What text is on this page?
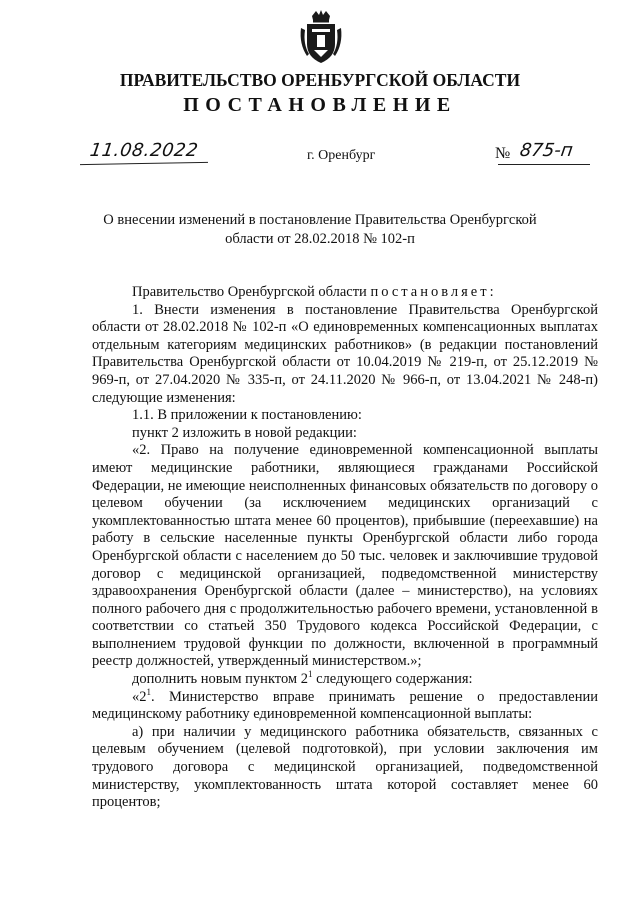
ПРАВИТЕЛЬСТВО ОРЕНБУРГСКОЙ ОБЛАСТИ
ПОСТАНОВЛЕНИЕ
11.08.2022	г. Оренбург	№ 875-п
О внесении изменений в постановление Правительства Оренбургской
области от 28.02.2018 № 102-п

Правительство Оренбургской области постановляет:

1. Внести изменения в постановление Правительства Оренбургской области от 28.02.2018 № 102-п «О единовременных компенсационных выплатах отдельным категориям медицинских работников» (в редакции постановлений Правительства Оренбургской области от 10.04.2019 № 219-п, от 25.12.2019 № 969-п, от 27.04.2020 № 335-п, от 24.11.2020 № 966-п, от 13.04.2021 № 248-п) следующие изменения:

1.1. В приложении к постановлению:

пункт 2 изложить в новой редакции:

«2. Право на получение единовременной компенсационной выплаты имеют медицинские работники, являющиеся гражданами Российской Федерации, не имеющие неисполненных финансовых обязательств по договору о целевом обучении (за исключением медицинских организаций с укомплектованностью штата менее 60 процентов), прибывшие (переехавшие) на работу в сельские населенные пункты Оренбургской области либо города Оренбургской области с населением до 50 тыс. человек и заключившие трудовой договор с медицинской организацией, подведомственной министерству здравоохранения Оренбургской области (далее – министерство), на условиях полного рабочего дня с продолжительностью рабочего времени, установленной в соответствии со статьей 350 Трудового кодекса Российской Федерации, с выполнением трудовой функции по должности, включенной в программный реестр должностей, утвержденный министерством.»;

дополнить новым пунктом $2^1$ следующего содержания:

«$2^1$. Министерство вправе принимать решение о предоставлении медицинскому работнику единовременной компенсационной выплаты:

а) при наличии у медицинского работника обязательств, связанных с целевым обучением (целевой подготовкой), при условии заключения им трудового договора с медицинской организацией, подведомственной министерству, укомплектованность штата которой составляет менее 60 процентов;
